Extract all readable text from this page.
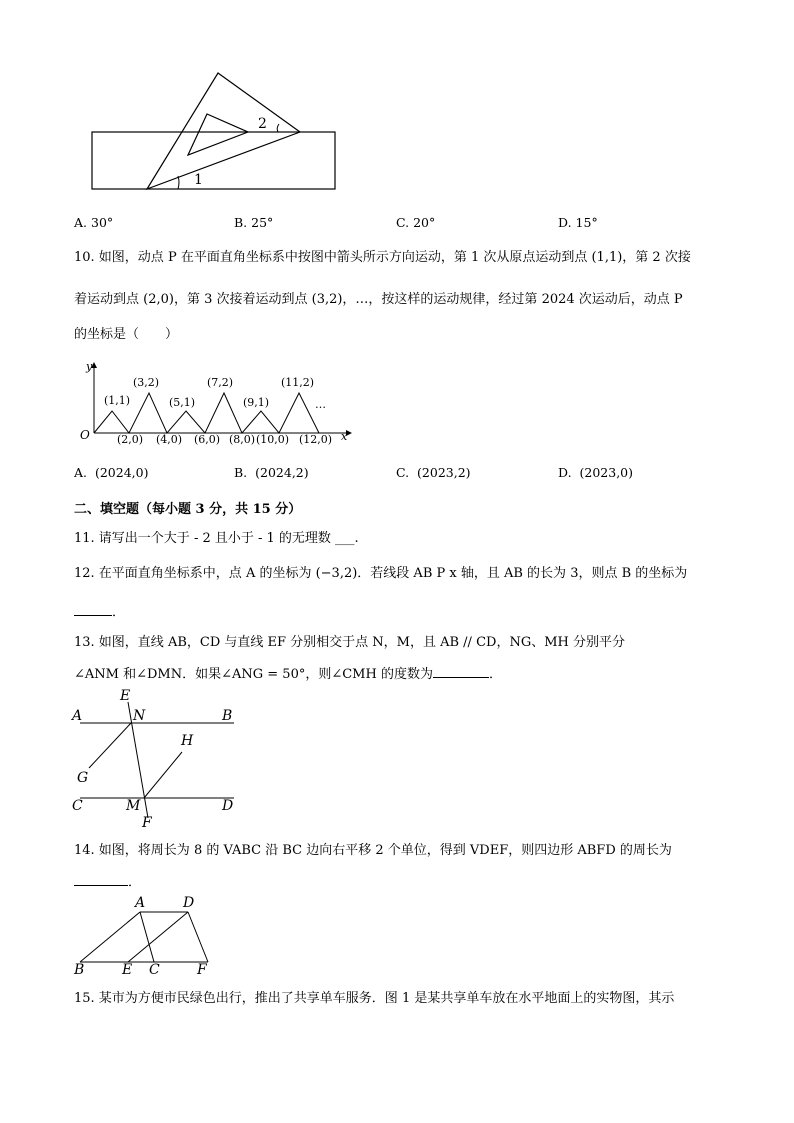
1
2
A. 30°	B. 25°	C. 20°	D. 15°
10. 如图，动点 P 在平面直角坐标系中按图中箭头所示方向运动，第 1 次从原点运动到点 (1,1)，第 2 次接
着运动到点 (2,0)，第 3 次接着运动到点 (3,2)，…，按这样的运动规律，经过第 2024 次运动后，动点 P
的坐标是（　　）
y
x
O
(1,1)
(3,2)
(5,1)
(7,2)
(9,1)
(11,2)
…
(2,0) (4,0) (6,0) (8,0) (10,0) (12,0)
A. (2024,0)	B. (2024,2)	C. (2023,2)	D. (2023,0)
二、填空题（每小题 3 分，共 15 分）
11. 请写出一个大于 - 2 且小于 - 1 的无理数 ___.
12. 在平面直角坐标系中，点 A 的坐标为 (−3,2)．若线段 AB P x 轴，且 AB 的长为 3，则点 B 的坐标为
．
13. 如图，直线 AB，CD 与直线 EF 分别相交于点 N，M，且 AB // CD，NG、MH 分别平分
∠ANM 和∠DMN．如果∠ANG = 50°，则∠CMH 的度数为	．
A	B
E
N
G
H
C	M	D
F
14. 如图，将周长为 8 的 VABC 沿 BC 边向右平移 2 个单位，得到 VDEF，则四边形 ABFD 的周长为
．
A	D
B	E C	F
15. 某市为方便市民绿色出行，推出了共享单车服务．图 1 是某共享单车放在水平地面上的实物图，其示
